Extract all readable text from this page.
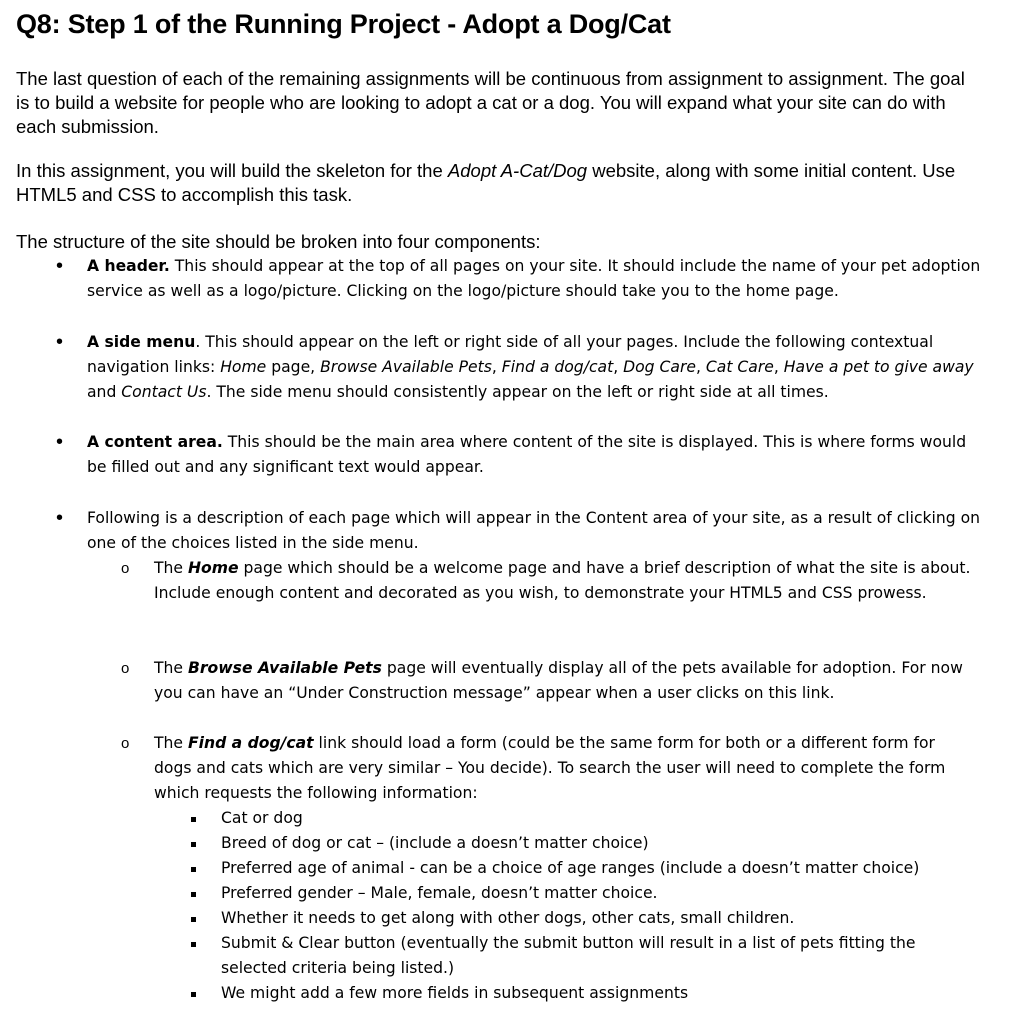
Q8: Step 1 of the Running Project - Adopt a Dog/Cat

The last question of each of the remaining assignments will be continuous from assignment to assignment. The goal is to build a website for people who are looking to adopt a cat or a dog. You will expand what your site can do with each submission.

In this assignment, you will build the skeleton for the Adopt A-Cat/Dog website, along with some initial content. Use HTML5 and CSS to accomplish this task.

The structure of the site should be broken into four components:

• A header. This should appear at the top of all pages on your site. It should include the name of your pet adoption service as well as a logo/picture. Clicking on the logo/picture should take you to the home page.
• A side menu. This should appear on the left or right side of all your pages. Include the following contextual navigation links: Home page, Browse Available Pets, Find a dog/cat, Dog Care, Cat Care, Have a pet to give away and Contact Us. The side menu should consistently appear on the left or right side at all times.
• A content area. This should be the main area where content of the site is displayed. This is where forms would be filled out and any significant text would appear.
• Following is a description of each page which will appear in the Content area of your site, as a result of clicking on one of the choices listed in the side menu.
o The Home page which should be a welcome page and have a brief description of what the site is about. Include enough content and decorated as you wish, to demonstrate your HTML5 and CSS prowess.
o The Browse Available Pets page will eventually display all of the pets available for adoption. For now you can have an “Under Construction message” appear when a user clicks on this link.
o The Find a dog/cat link should load a form (could be the same form for both or a different form for dogs and cats which are very similar – You decide). To search the user will need to complete the form which requests the following information:
Cat or dog
Breed of dog or cat – (include a doesn’t matter choice)
Preferred age of animal - can be a choice of age ranges (include a doesn’t matter choice)
Preferred gender – Male, female, doesn’t matter choice.
Whether it needs to get along with other dogs, other cats, small children.
Submit & Clear button (eventually the submit button will result in a list of pets fitting the selected criteria being listed.)
We might add a few more fields in subsequent assignments
